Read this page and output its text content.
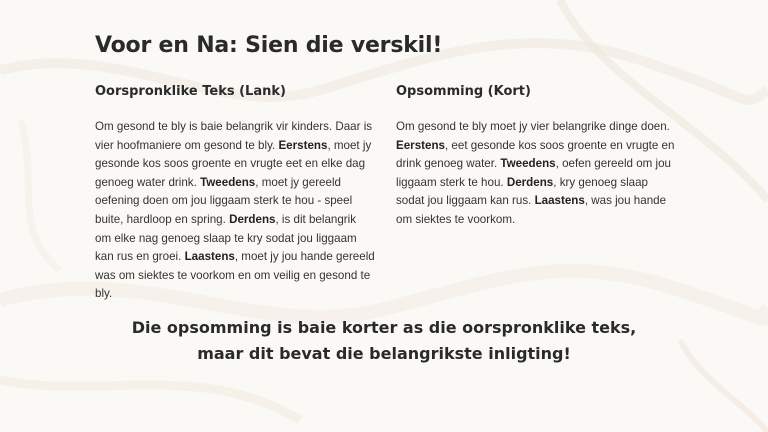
Voor en Na: Sien die verskil!
Oorspronklike Teks (Lank)

Om gesond te bly is baie belangrik vir kinders. Daar is vier hoofmaniere om gesond te bly. Eerstens, moet jy gesonde kos soos groente en vrugte eet en elke dag genoeg water drink. Tweedens, moet jy gereeld oefening doen om jou liggaam sterk te hou - speel buite, hardloop en spring. Derdens, is dit belangrik om elke nag genoeg slaap te kry sodat jou liggaam kan rus en groei. Laastens, moet jy jou hande gereeld was om siektes te voorkom en om veilig en gesond te bly.

Opsomming (Kort)

Om gesond te bly moet jy vier belangrike dinge doen. Eerstens, eet gesonde kos soos groente en vrugte en drink genoeg water. Tweedens, oefen gereeld om jou liggaam sterk te hou. Derdens, kry genoeg slaap sodat jou liggaam kan rus. Laastens, was jou hande om siektes te voorkom.

Die opsomming is baie korter as die oorspronklike teks,
maar dit bevat die belangrikste inligting!
